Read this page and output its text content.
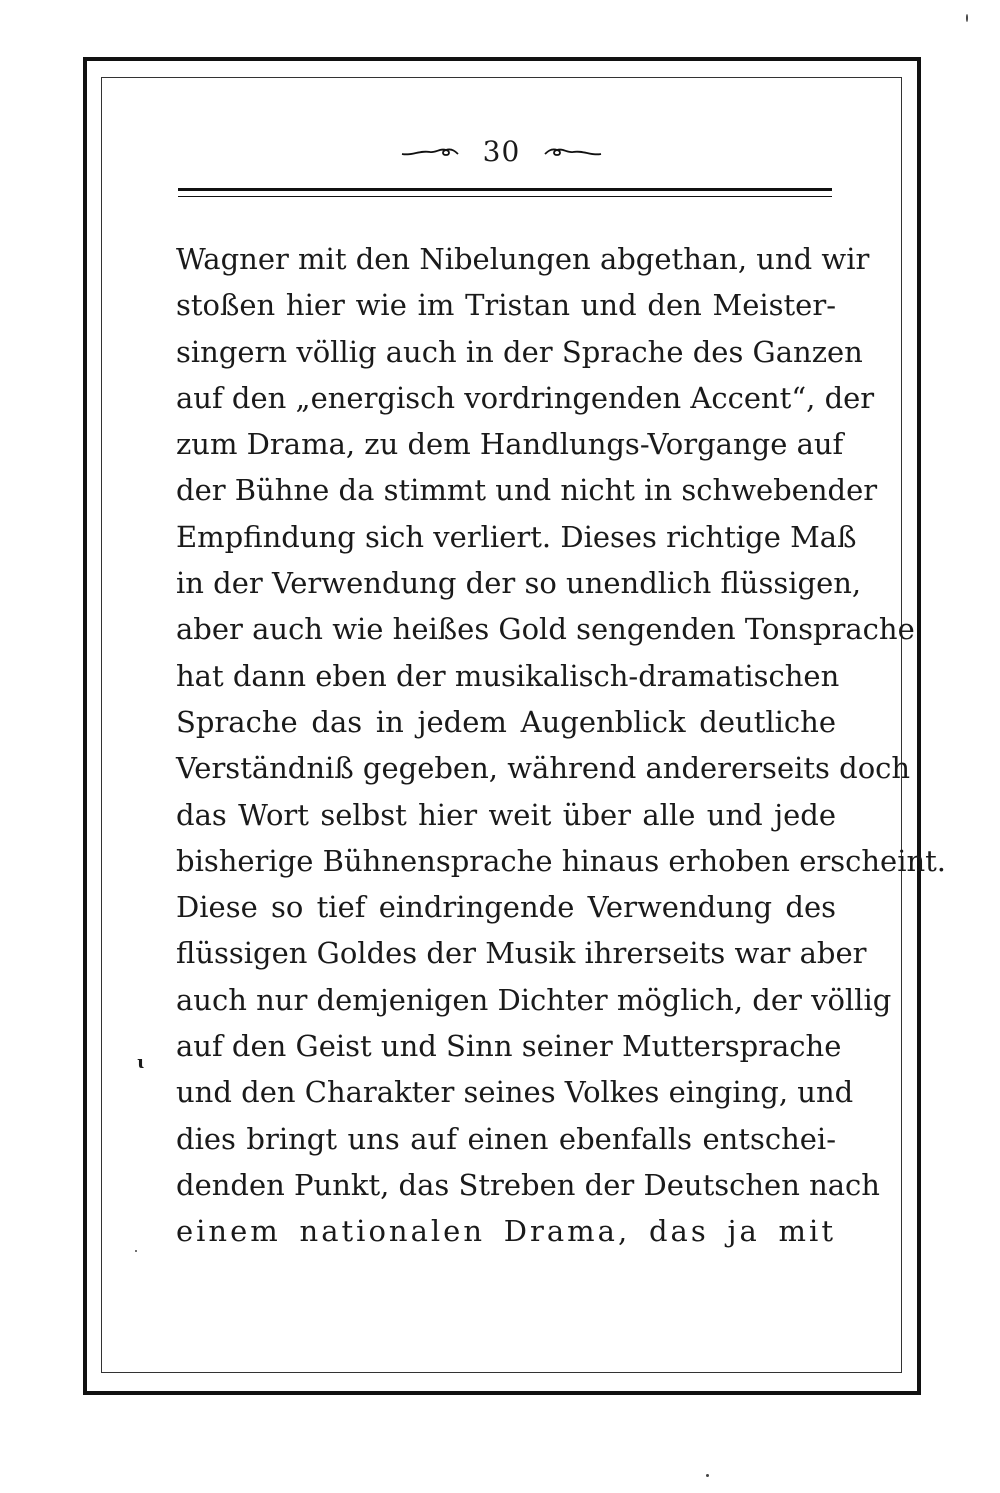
30
Wagner mit den Nibelungen abgethan, und wir
stoßen hier wie im Tristan und den Meister-
singern völlig auch in der Sprache des Ganzen
auf den „energisch vordringenden Accent“, der
zum Drama, zu dem Handlungs-Vorgange auf
der Bühne da stimmt und nicht in schwebender
Empfindung sich verliert. Dieses richtige Maß
in der Verwendung der so unendlich flüssigen,
aber auch wie heißes Gold sengenden Tonsprache
hat dann eben der musikalisch-dramatischen
Sprache das in jedem Augenblick deutliche
Verständniß gegeben, während andererseits doch
das Wort selbst hier weit über alle und jede
bisherige Bühnensprache hinaus erhoben erscheint.
Diese so tief eindringende Verwendung des
flüssigen Goldes der Musik ihrerseits war aber
auch nur demjenigen Dichter möglich, der völlig
auf den Geist und Sinn seiner Muttersprache
und den Charakter seines Volkes einging, und
dies bringt uns auf einen ebenfalls entschei-
denden Punkt, das Streben der Deutschen nach
einem nationalen Drama, das ja mit
ɩ
